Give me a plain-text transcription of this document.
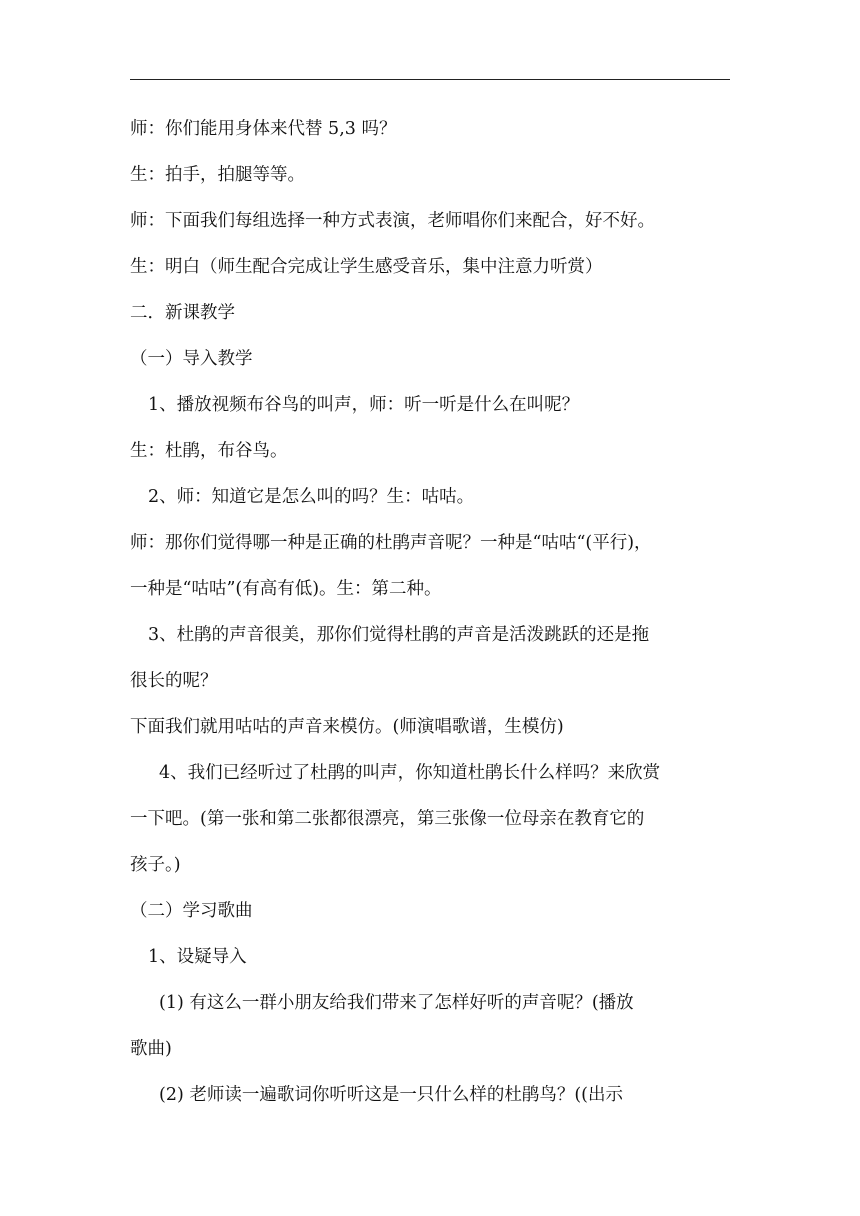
师：你们能用身体来代替 5,3 吗？
生：拍手，拍腿等等。
师：下面我们每组选择一种方式表演，老师唱你们来配合，好不好。
生：明白（师生配合完成让学生感受音乐，集中注意力听赏）
二．新课教学
（一）导入教学
1、播放视频布谷鸟的叫声，师：听一听是什么在叫呢？
生：杜鹃，布谷鸟。
2、师：知道它是怎么叫的吗？生：咕咕。
师：那你们觉得哪一种是正确的杜鹃声音呢？一种是“咕咕“(平行)，
一种是“咕咕”(有高有低)。生：第二种。
3、杜鹃的声音很美，那你们觉得杜鹃的声音是活泼跳跃的还是拖
很长的呢？
下面我们就用咕咕的声音来模仿。(师演唱歌谱，生模仿)
4、我们已经听过了杜鹃的叫声，你知道杜鹃长什么样吗？来欣赏
一下吧。(第一张和第二张都很漂亮，第三张像一位母亲在教育它的
孩子。)
（二）学习歌曲
1、设疑导入
(1) 有这么一群小朋友给我们带来了怎样好听的声音呢？(播放
歌曲)
(2) 老师读一遍歌词你听听这是一只什么样的杜鹃鸟？((出示
